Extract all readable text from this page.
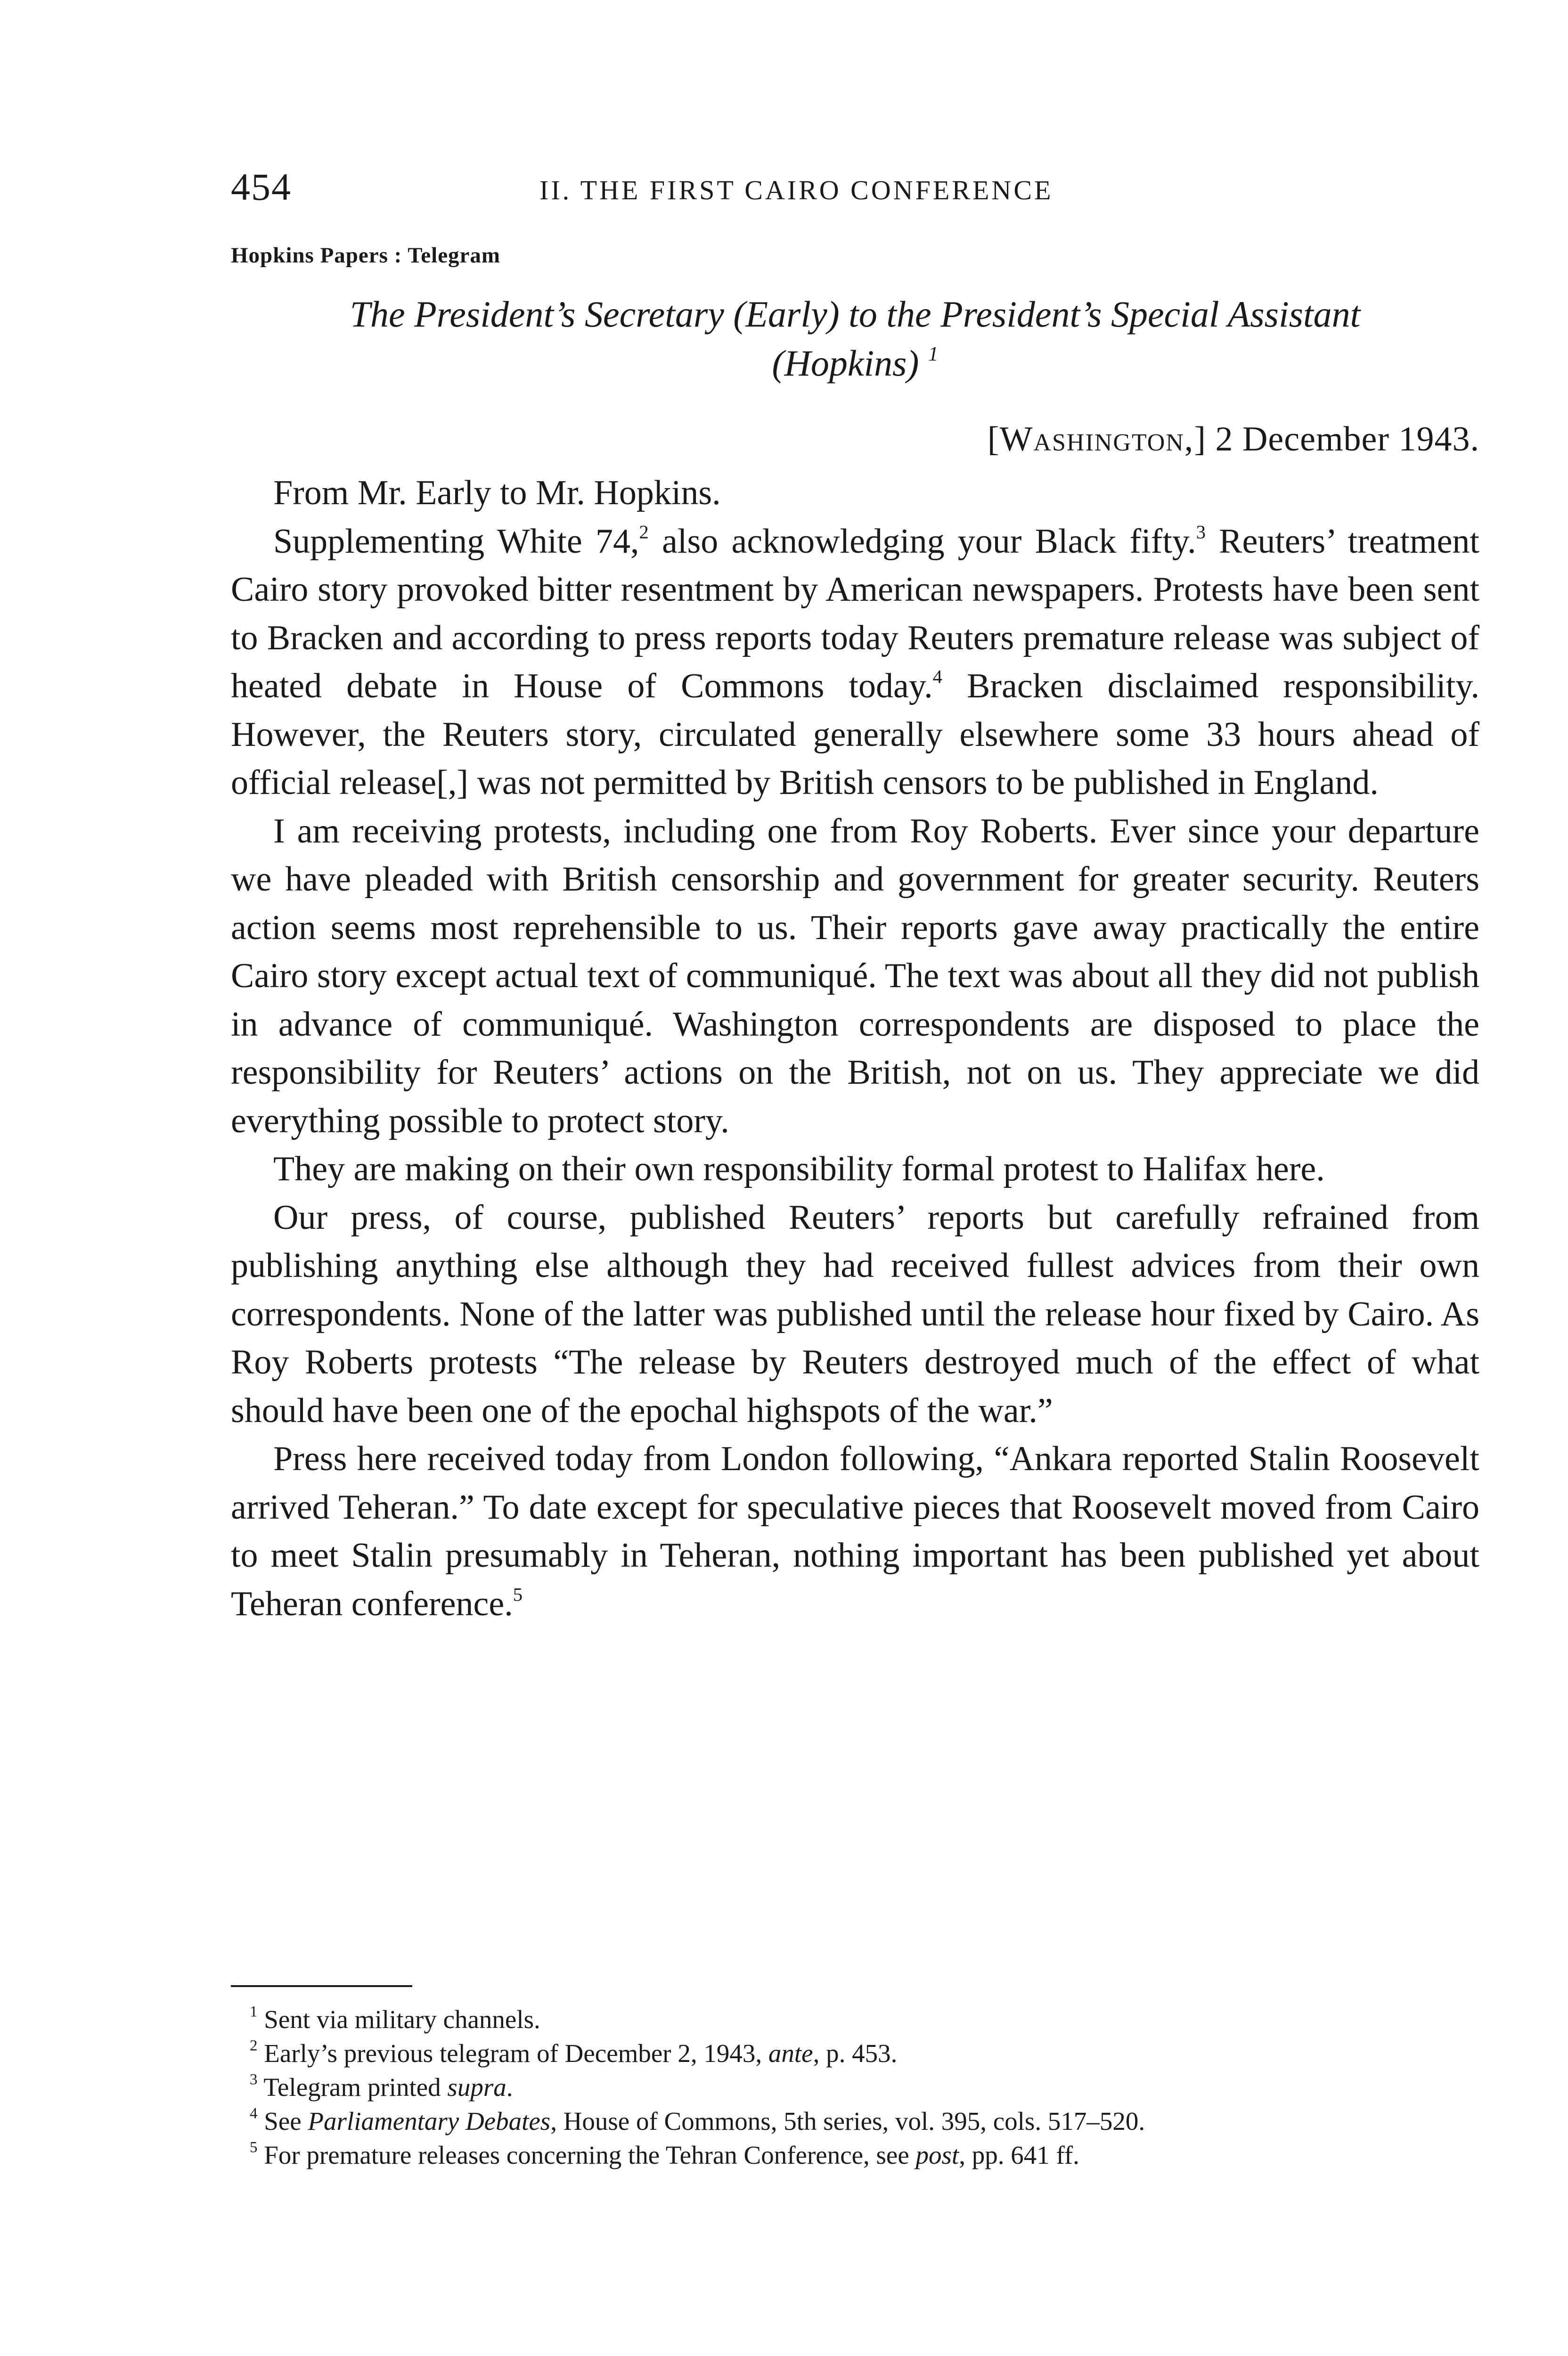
454	II. THE FIRST CAIRO CONFERENCE
Hopkins Papers : Telegram
The President’s Secretary (Early) to the President’s Special Assistant
(Hopkins) $^1$
[Washington,] 2 December 1943.

From Mr. Early to Mr. Hopkins.

Supplementing White 74,$^2$ also acknowledging your Black fifty.$^3$ Reuters’ treatment Cairo story provoked bitter resentment by American newspapers. Protests have been sent to Bracken and according to press reports today Reuters premature release was subject of heated debate in House of Commons today.$^4$ Bracken disclaimed responsibility. However, the Reuters story, circulated generally elsewhere some 33 hours ahead of official release[,] was not permitted by British censors to be published in England.

I am receiving protests, including one from Roy Roberts. Ever since your departure we have pleaded with British censorship and government for greater security. Reuters action seems most reprehensible to us. Their reports gave away practically the entire Cairo story except actual text of communiqué. The text was about all they did not publish in advance of communiqué. Washington correspondents are disposed to place the responsibility for Reuters’ actions on the British, not on us. They appreciate we did everything possible to protect story.

They are making on their own responsibility formal protest to Halifax here.

Our press, of course, published Reuters’ reports but carefully refrained from publishing anything else although they had received fullest advices from their own correspondents. None of the latter was published until the release hour fixed by Cairo. As Roy Roberts protests “The release by Reuters destroyed much of the effect of what should have been one of the epochal highspots of the war.”

Press here received today from London following, “Ankara reported Stalin Roosevelt arrived Teheran.” To date except for speculative pieces that Roosevelt moved from Cairo to meet Stalin presumably in Teheran, nothing important has been published yet about Teheran conference.$^5$

$^1$ Sent via military channels.

$^2$ Early’s previous telegram of December 2, 1943, ante, p. 453.

$^3$ Telegram printed supra.

$^4$ See Parliamentary Debates, House of Commons, 5th series, vol. 395, cols. 517–520.

$^5$ For premature releases concerning the Tehran Conference, see post, pp. 641 ff.
